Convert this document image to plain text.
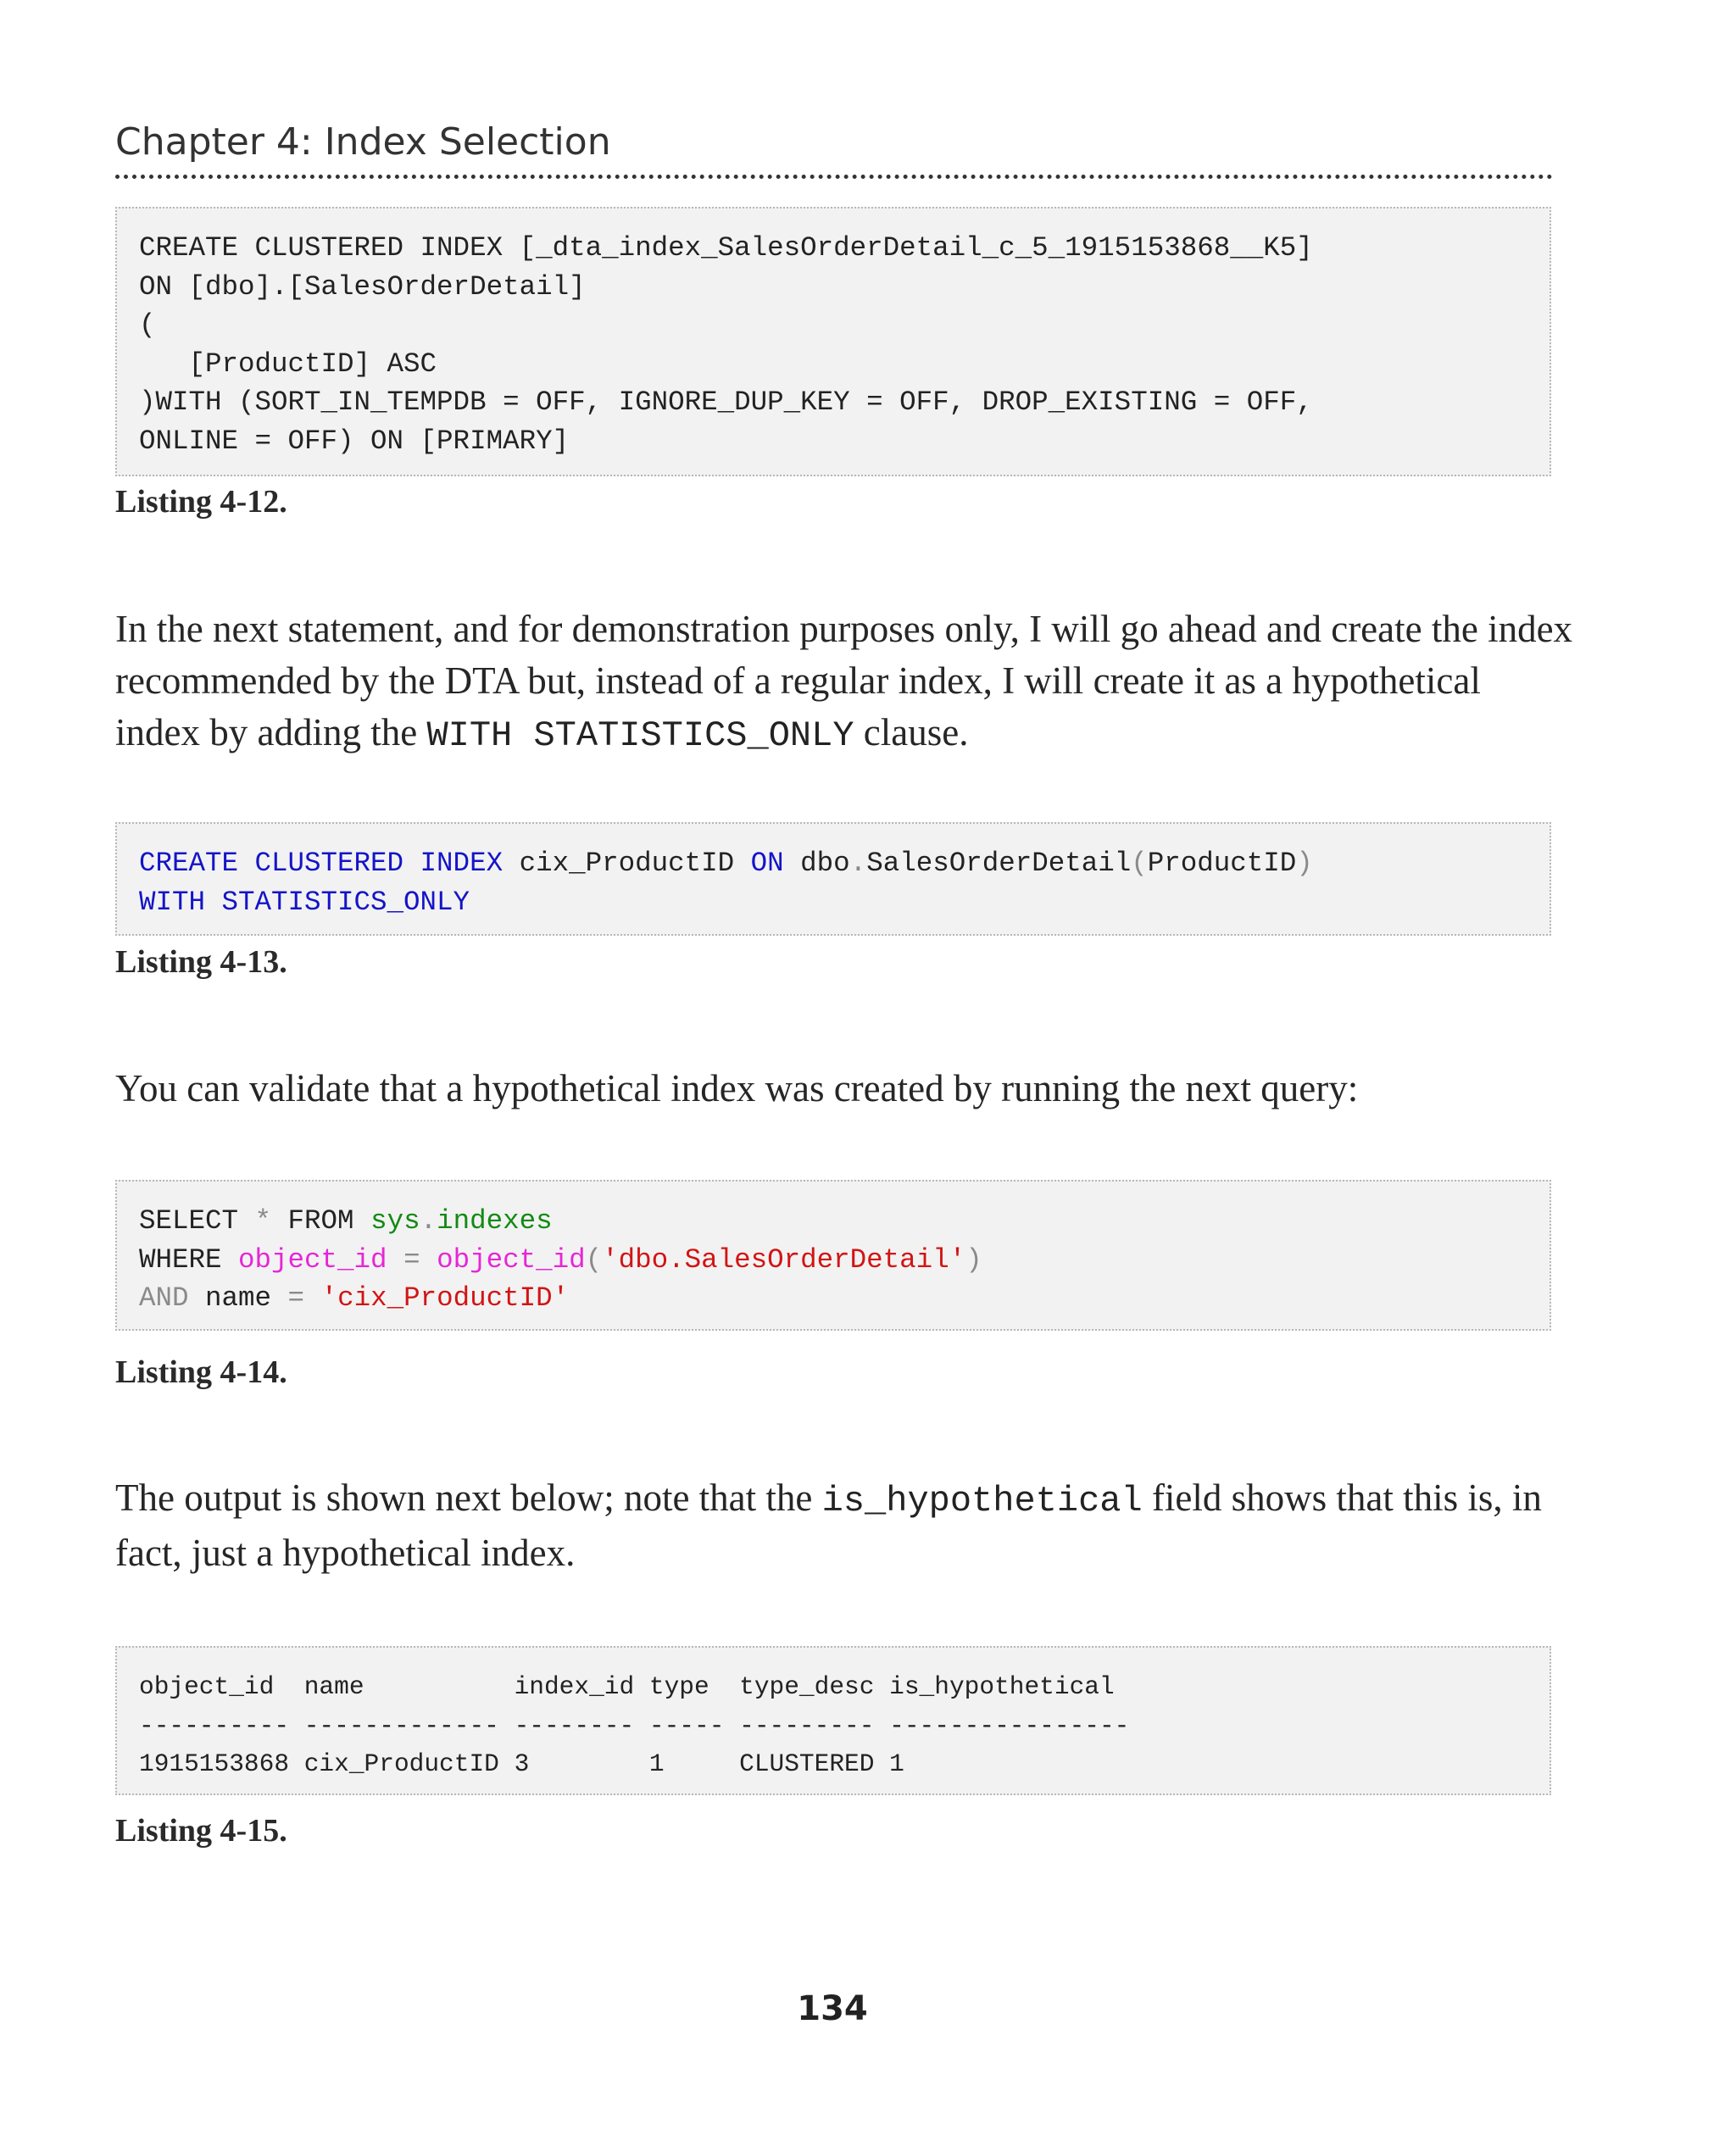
Chapter 4: Index Selection
CREATE CLUSTERED INDEX [_dta_index_SalesOrderDetail_c_5_1915153868__K5]
ON [dbo].[SalesOrderDetail]
(
[ProductID] ASC
)WITH (SORT_IN_TEMPDB = OFF, IGNORE_DUP_KEY = OFF, DROP_EXISTING = OFF,
ONLINE = OFF) ON [PRIMARY]
Listing 4-12.

In the next statement, and for demonstration purposes only, I will go ahead and create the index recommended by the DTA but, instead of a regular index, I will create it as a hypothetical index by adding the WITH STATISTICS_ONLY clause.

CREATE CLUSTERED INDEX cix_ProductID ON dbo.SalesOrderDetail(ProductID)
WITH STATISTICS_ONLY
Listing 4-13.

You can validate that a hypothetical index was created by running the next query:

SELECT * FROM sys.indexes
WHERE object_id = object_id('dbo.SalesOrderDetail')
AND name = 'cix_ProductID'
Listing 4-14.

The output is shown next below; note that the is_hypothetical field shows that this is, in fact, just a hypothetical index.

object_id  name          index_id type  type_desc is_hypothetical
---------- ------------- -------- ----- --------- ----------------
1915153868 cix_ProductID 3        1     CLUSTERED 1
Listing 4-15.
134
